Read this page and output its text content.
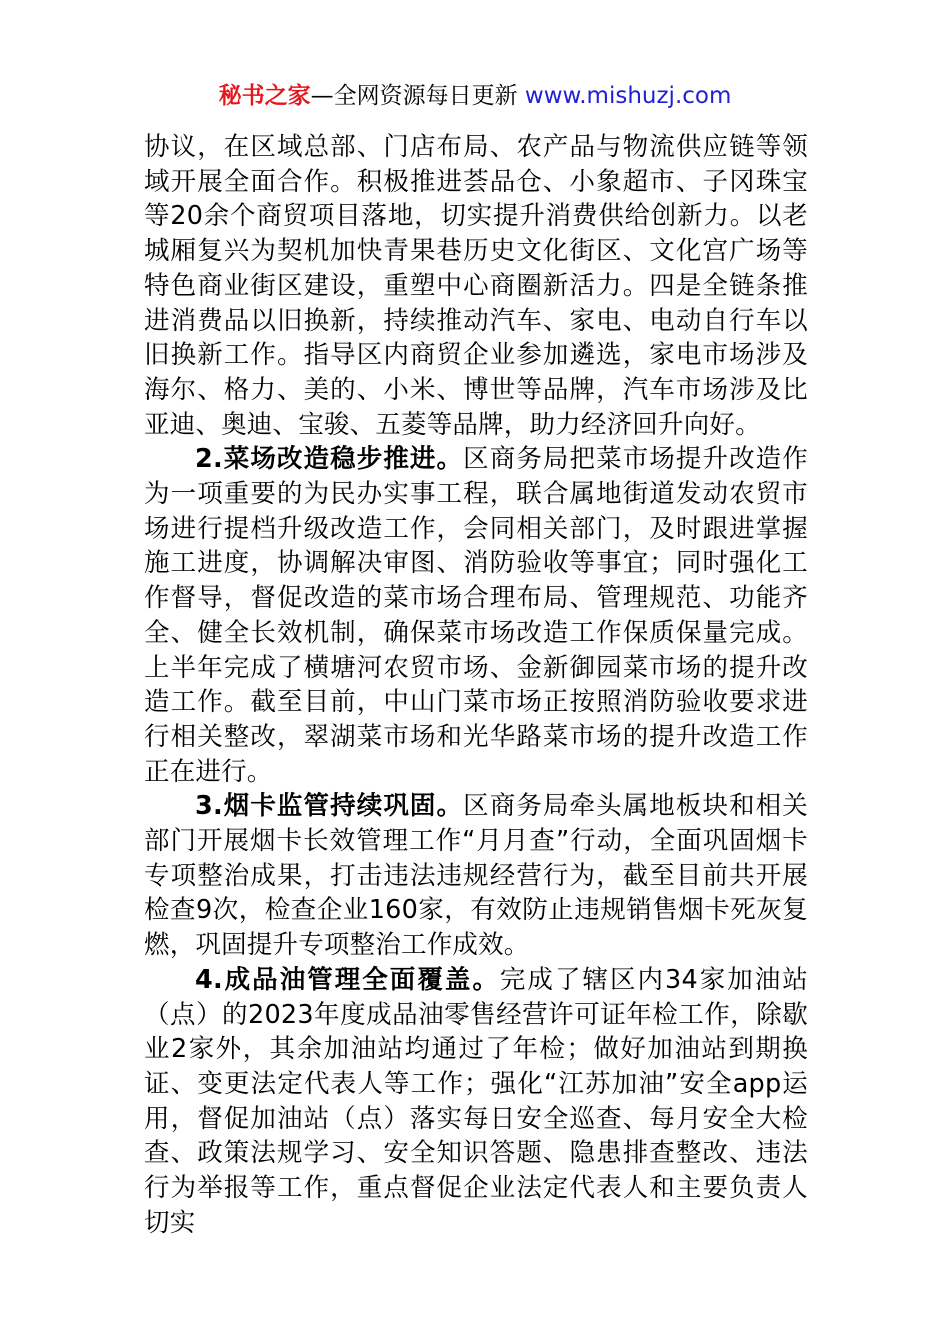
秘书之家—全网资源每日更新 www.mishuzj.com

协议，在区域总部、门店布局、农产品与物流供应链等领域开展全面合作。积极推进荟品仓、小象超市、子冈珠宝等20余个商贸项目落地，切实提升消费供给创新力。以老城厢复兴为契机加快青果巷历史文化街区、文化宫广场等特色商业街区建设，重塑中心商圈新活力。四是全链条推进消费品以旧换新，持续推动汽车、家电、电动自行车以旧换新工作。指导区内商贸企业参加遴选，家电市场涉及海尔、格力、美的、小米、博世等品牌，汽车市场涉及比亚迪、奥迪、宝骏、五菱等品牌，助力经济回升向好。

2.菜场改造稳步推进。区商务局把菜市场提升改造作为一项重要的为民办实事工程，联合属地街道发动农贸市场进行提档升级改造工作，会同相关部门，及时跟进掌握施工进度，协调解决审图、消防验收等事宜；同时强化工作督导，督促改造的菜市场合理布局、管理规范、功能齐全、健全长效机制，确保菜市场改造工作保质保量完成。上半年完成了横塘河农贸市场、金新御园菜市场的提升改造工作。截至目前，中山门菜市场正按照消防验收要求进行相关整改，翠湖菜市场和光华路菜市场的提升改造工作正在进行。

3.烟卡监管持续巩固。区商务局牵头属地板块和相关部门开展烟卡长效管理工作“月月查”行动，全面巩固烟卡专项整治成果，打击违法违规经营行为，截至目前共开展检查9次，检查企业160家，有效防止违规销售烟卡死灰复燃，巩固提升专项整治工作成效。

4.成品油管理全面覆盖。完成了辖区内34家加油站（点）的2023年度成品油零售经营许可证年检工作，除歇业2家外，其余加油站均通过了年检；做好加油站到期换证、变更法定代表人等工作；强化“江苏加油”安全app运用，督促加油站（点）落实每日安全巡查、每月安全大检查、政策法规学习、安全知识答题、隐患排查整改、违法行为举报等工作，重点督促企业法定代表人和主要负责人切实
